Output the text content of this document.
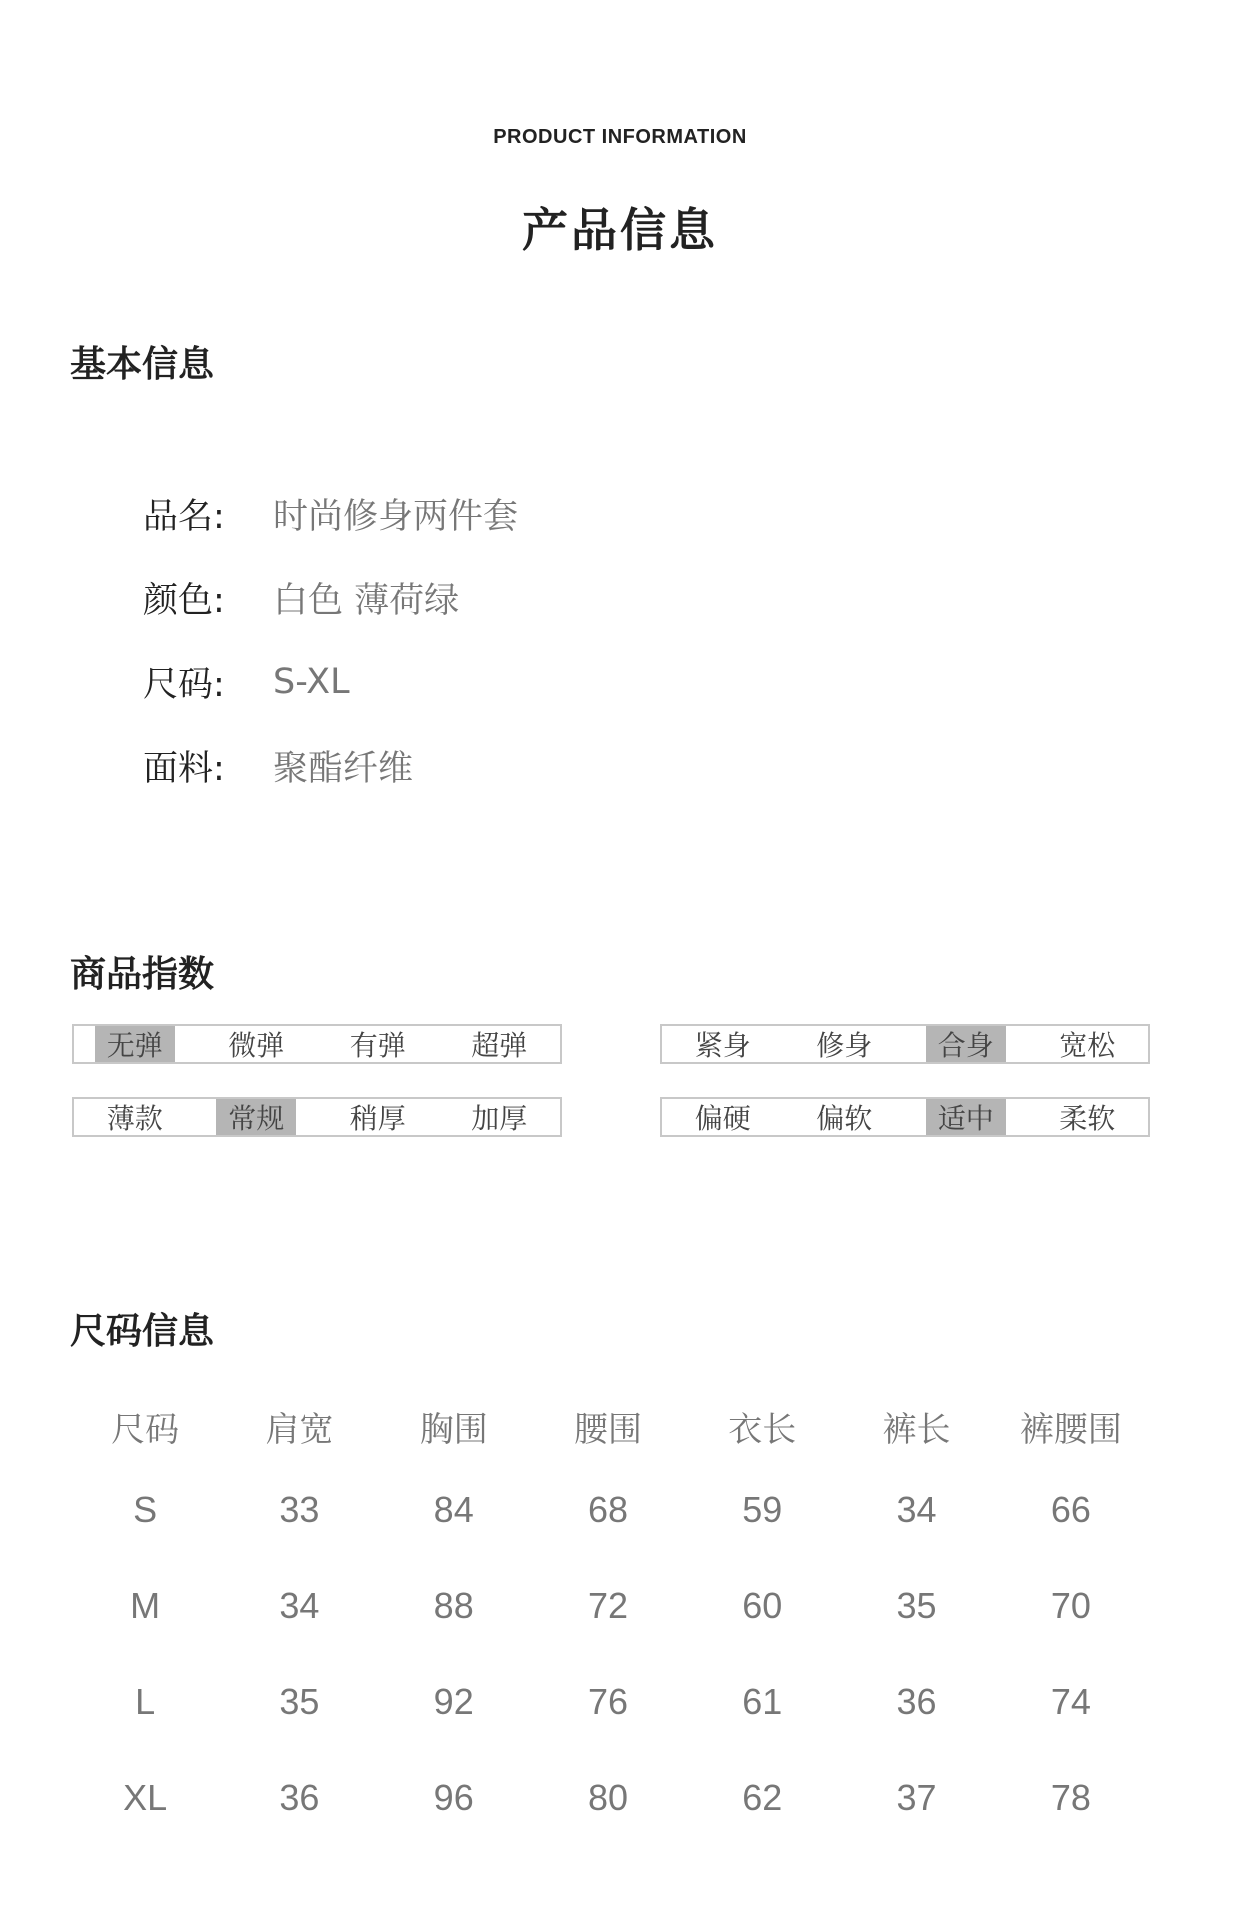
PRODUCT INFORMATION
产品信息
基本信息
品名:	时尚修身两件套
颜色:	白色 薄荷绿
尺码:	S-XL
面料:	聚酯纤维
商品指数
无弹	微弹	有弹	超弹	紧身	修身	合身	宽松
薄款	常规	稍厚	加厚	偏硬	偏软	适中	柔软
尺码信息
尺码	肩宽	胸围	腰围	衣长	裤长	裤腰围
S	33	84	68	59	34	66
M	34	88	72	60	35	70
L	35	92	76	61	36	74
XL	36	96	80	62	37	78
